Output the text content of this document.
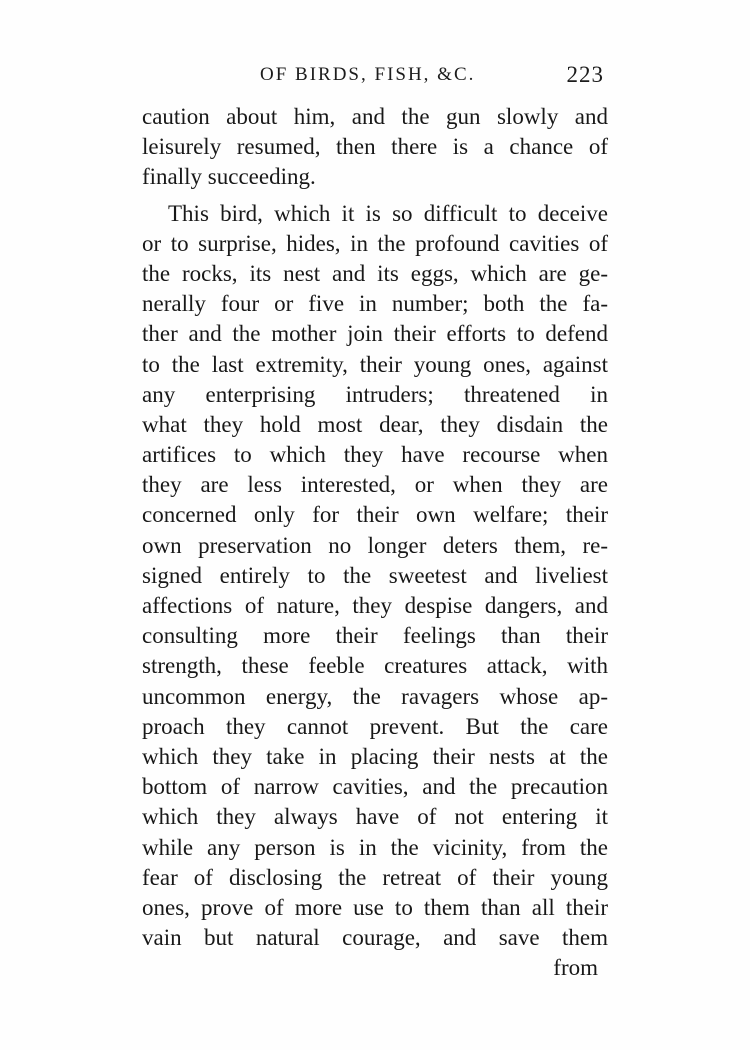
OF BIRDS, FISH, &C.	223
caution about him, and the gun slowly and
leisurely resumed, then there is a chance of
finally succeeding.
This bird, which it is so difficult to deceive
or to surprise, hides, in the profound cavities of
the rocks, its nest and its eggs, which are ge-
nerally four or five in number; both the fa-
ther and the mother join their efforts to defend
to the last extremity, their young ones, against
any enterprising intruders; threatened in
what they hold most dear, they disdain the
artifices to which they have recourse when
they are less interested, or when they are
concerned only for their own welfare; their
own preservation no longer deters them, re-
signed entirely to the sweetest and liveliest
affections of nature, they despise dangers, and
consulting more their feelings than their
strength, these feeble creatures attack, with
uncommon energy, the ravagers whose ap-
proach they cannot prevent. But the care
which they take in placing their nests at the
bottom of narrow cavities, and the precaution
which they always have of not entering it
while any person is in the vicinity, from the
fear of disclosing the retreat of their young
ones, prove of more use to them than all their
vain but natural courage, and save them
from
